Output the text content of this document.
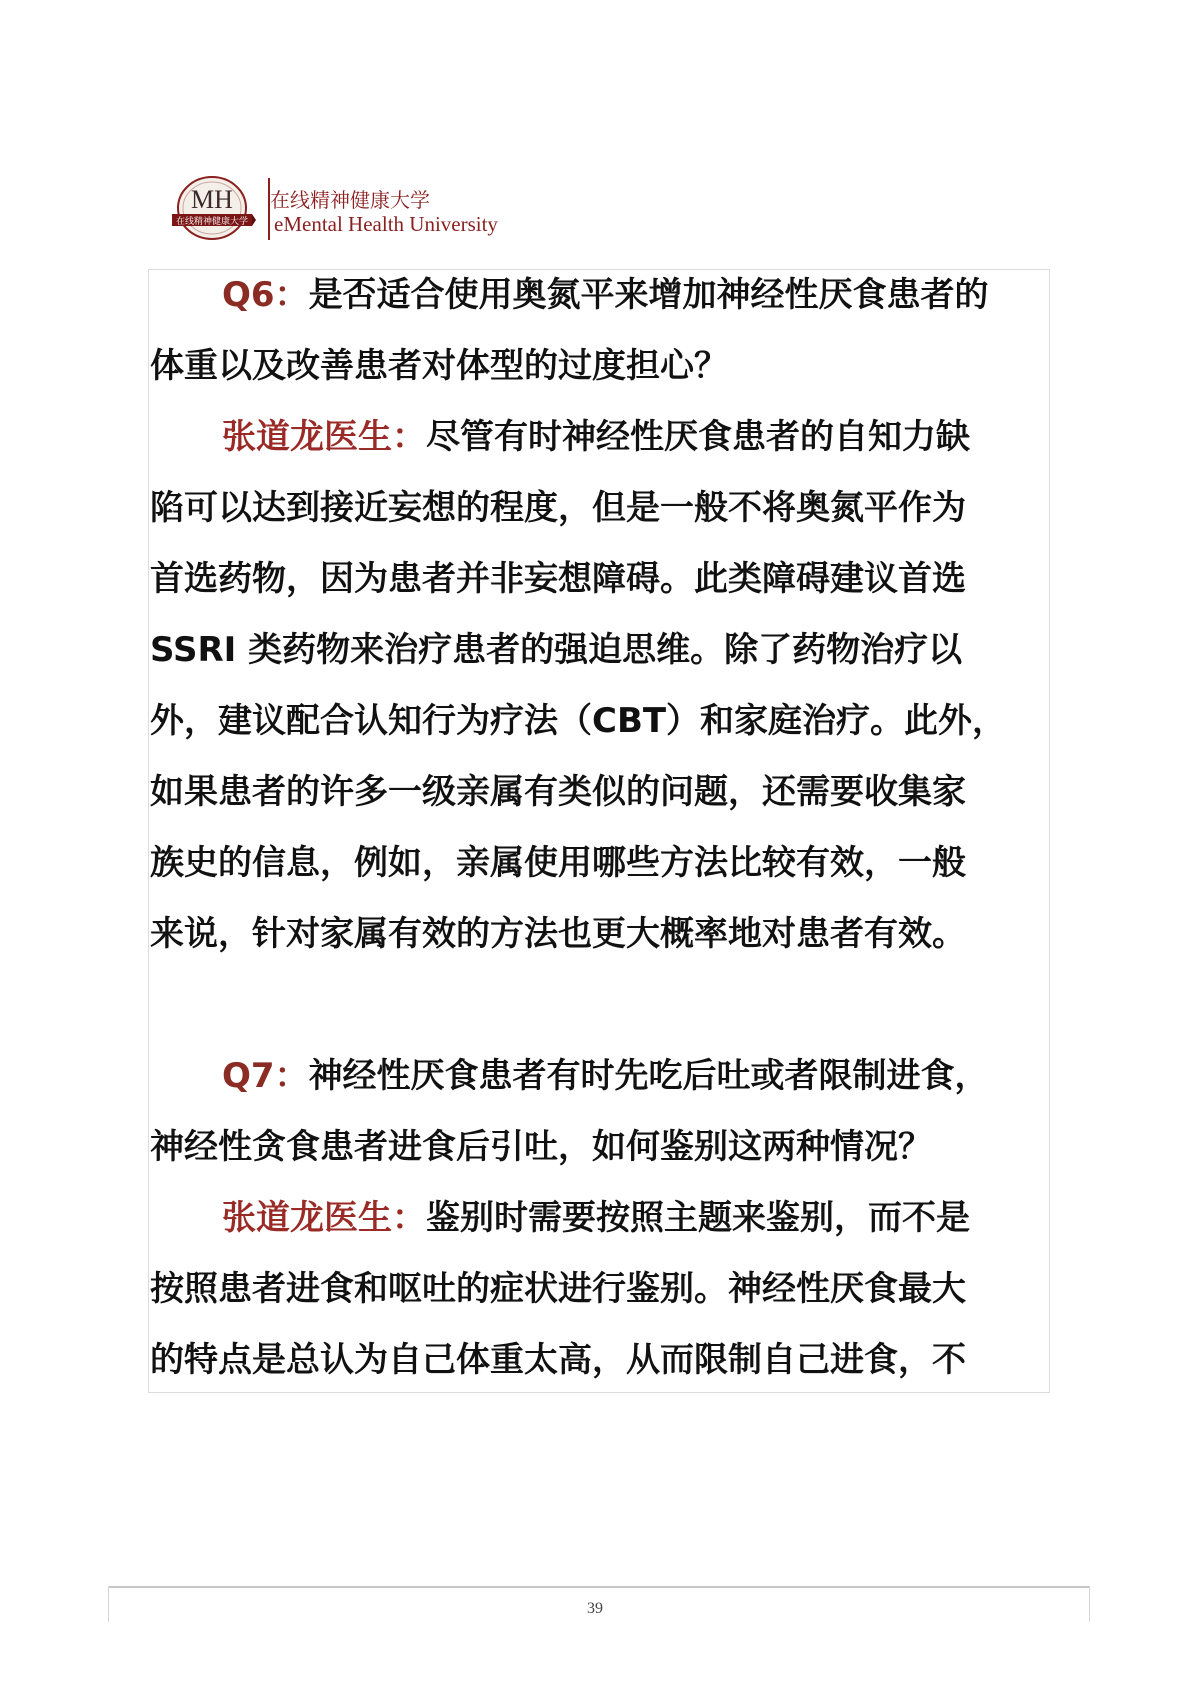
MH
在线精神健康大学
在线精神健康大学
eMental Health University
Q6：是否适合使用奥氮平来增加神经性厌食患者的
体重以及改善患者对体型的过度担心？
张道龙医生：尽管有时神经性厌食患者的自知力缺
陷可以达到接近妄想的程度，但是一般不将奥氮平作为
首选药物，因为患者并非妄想障碍。此类障碍建议首选
SSRI 类药物来治疗患者的强迫思维。除了药物治疗以
外，建议配合认知行为疗法（CBT）和家庭治疗。此外，
如果患者的许多一级亲属有类似的问题，还需要收集家
族史的信息，例如，亲属使用哪些方法比较有效，一般
来说，针对家属有效的方法也更大概率地对患者有效。
Q7：神经性厌食患者有时先吃后吐或者限制进食，
神经性贪食患者进食后引吐，如何鉴别这两种情况？
张道龙医生：鉴别时需要按照主题来鉴别，而不是
按照患者进食和呕吐的症状进行鉴别。神经性厌食最大
的特点是总认为自己体重太高，从而限制自己进食，不
39
